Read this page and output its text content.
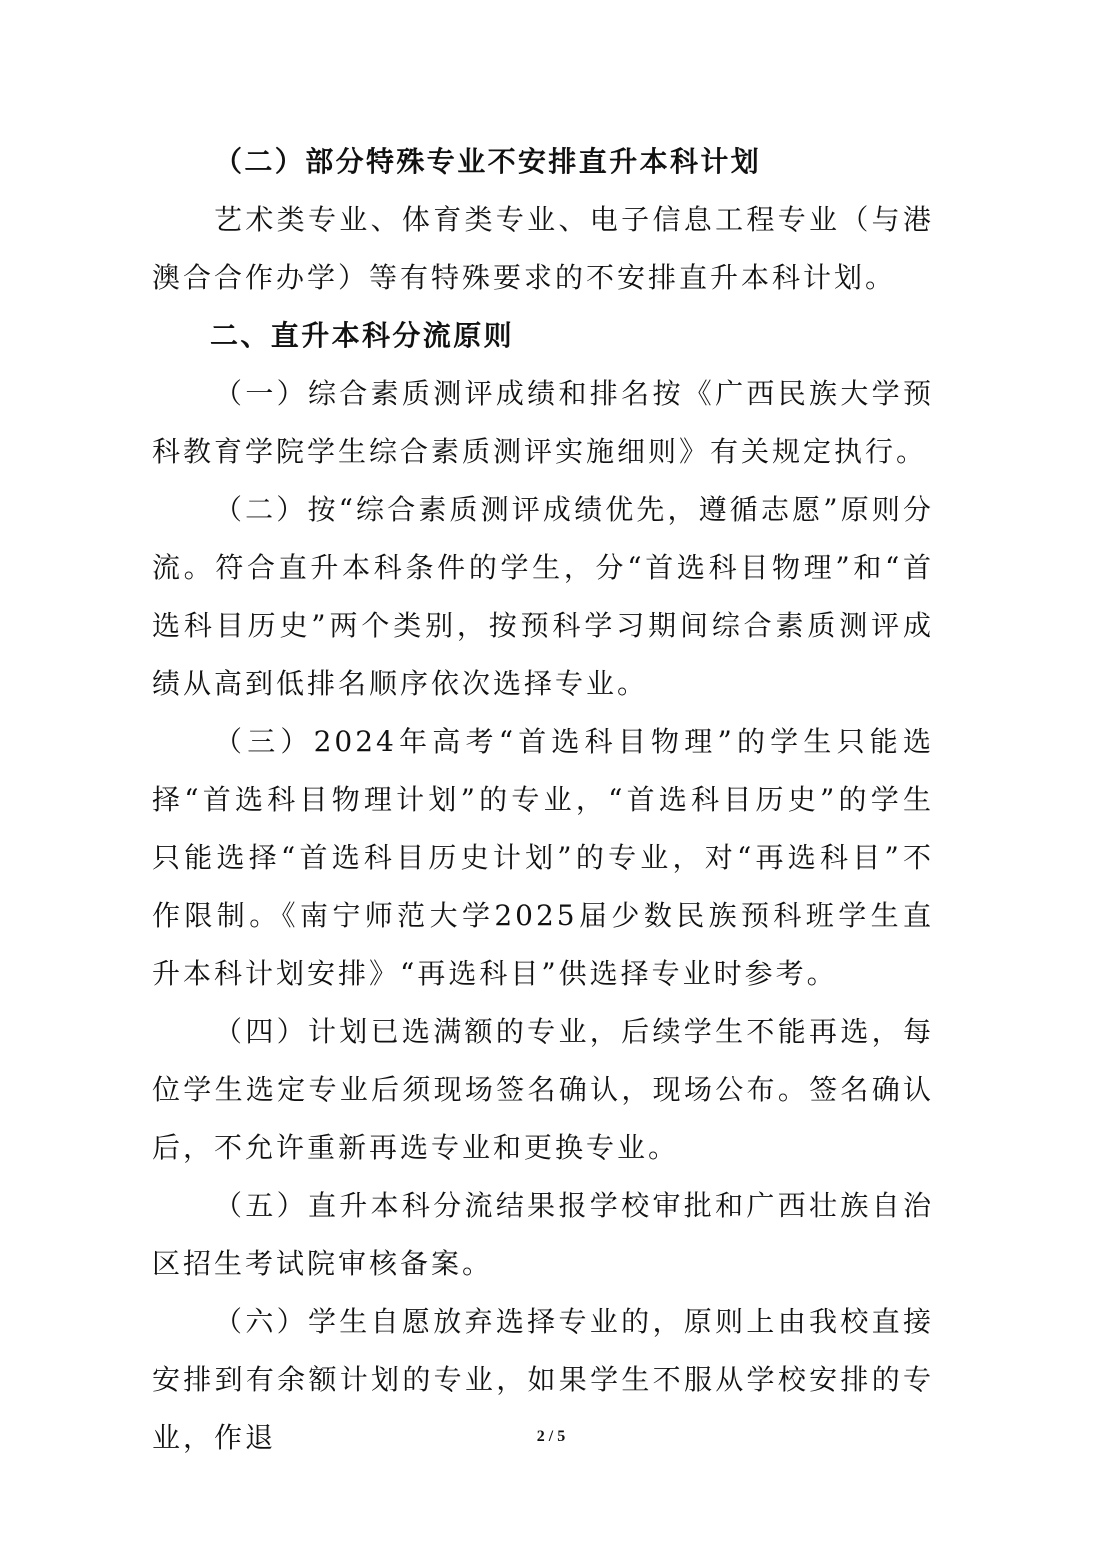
（二）部分特殊专业不安排直升本科计划

艺术类专业、体育类专业、电子信息工程专业（与港澳合合作办学）等有特殊要求的不安排直升本科计划。

二、直升本科分流原则

（一）综合素质测评成绩和排名按《广西民族大学预科教育学院学生综合素质测评实施细则》有关规定执行。

（二）按“综合素质测评成绩优先，遵循志愿”原则分流。符合直升本科条件的学生，分“首选科目物理”和“首选科目历史”两个类别，按预科学习期间综合素质测评成绩从高到低排名顺序依次选择专业。

（三）2024年高考“首选科目物理”的学生只能选择“首选科目物理计划”的专业，“首选科目历史”的学生只能选择“首选科目历史计划”的专业，对“再选科目”不作限制。《南宁师范大学2025届少数民族预科班学生直升本科计划安排》“再选科目”供选择专业时参考。

（四）计划已选满额的专业，后续学生不能再选，每位学生选定专业后须现场签名确认，现场公布。签名确认后，不允许重新再选专业和更换专业。

（五）直升本科分流结果报学校审批和广西壮族自治区招生考试院审核备案。

（六）学生自愿放弃选择专业的，原则上由我校直接安排到有余额计划的专业，如果学生不服从学校安排的专业，作退	2 / 5
